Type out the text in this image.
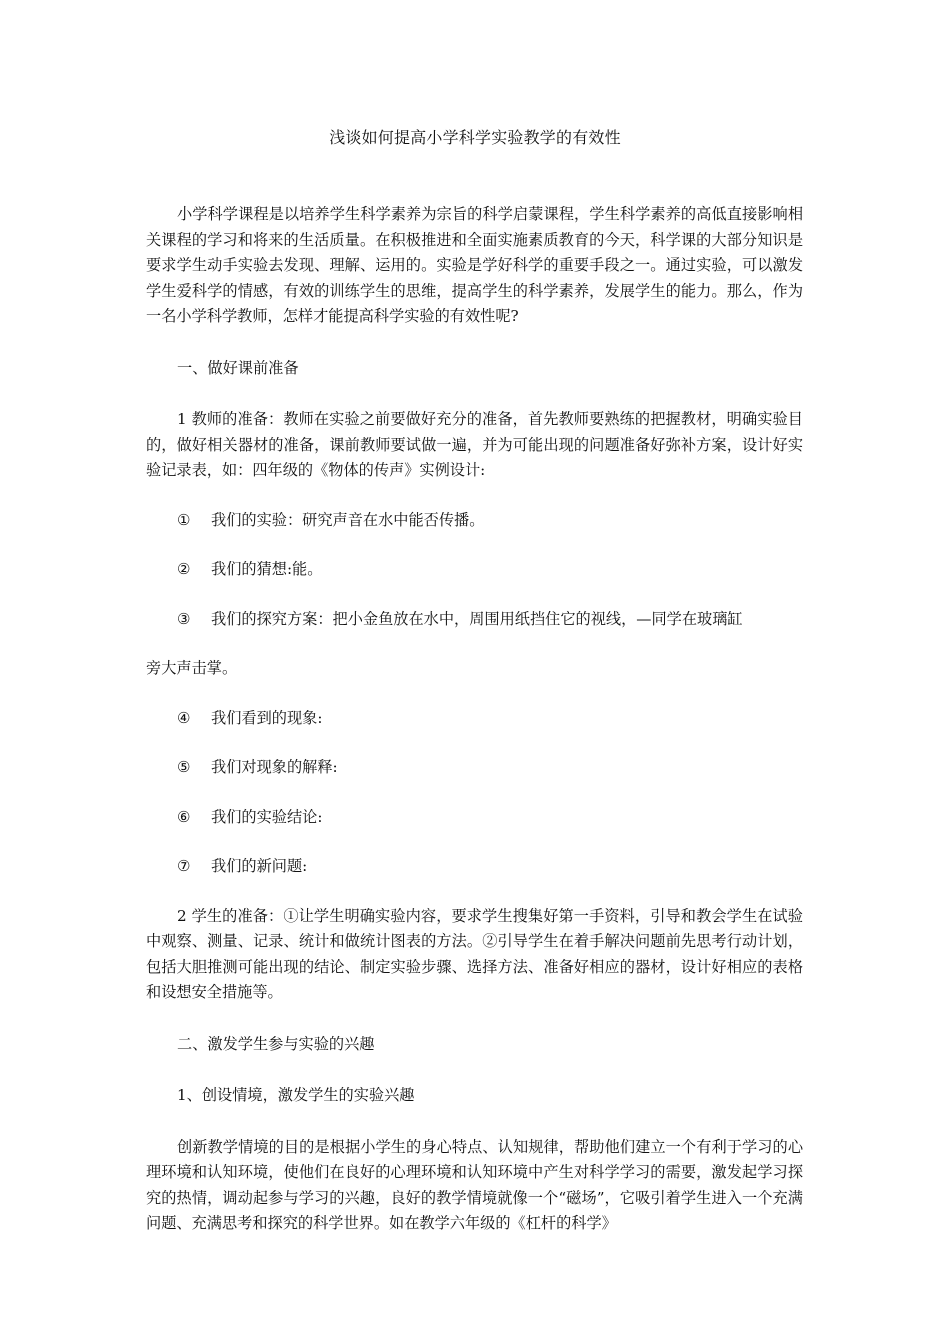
浅谈如何提高小学科学实验教学的有效性

小学科学课程是以培养学生科学素养为宗旨的科学启蒙课程，学生科学素养的高低直接影响相关课程的学习和将来的生活质量。在积极推进和全面实施素质教育的今天，科学课的大部分知识是要求学生动手实验去发现、理解、运用的。实验是学好科学的重要手段之一。通过实验，可以激发学生爱科学的情感，有效的训练学生的思维，提高学生的科学素养，发展学生的能力。那么，作为一名小学科学教师，怎样才能提高科学实验的有效性呢?

一、做好课前准备

1 教师的准备：教师在实验之前要做好充分的准备，首先教师要熟练的把握教材，明确实验目的，做好相关器材的准备，课前教师要试做一遍，并为可能出现的问题准备好弥补方案，设计好实验记录表，如：四年级的《物体的传声》实例设计:

①	我们的实验：研究声音在水中能否传播。

②	我们的猜想:能。

③	我们的探究方案：把小金鱼放在水中，周围用纸挡住它的视线，—同学在玻璃缸

旁大声击掌。

④	我们看到的现象:

⑤	我们对现象的解释:

⑥	我们的实验结论:

⑦	我们的新问题:

2 学生的准备：①让学生明确实验内容，要求学生搜集好第一手资料，引导和教会学生在试验中观察、测量、记录、统计和做统计图表的方法。②引导学生在着手解决问题前先思考行动计划，包括大胆推测可能出现的结论、制定实验步骤、选择方法、准备好相应的器材，设计好相应的表格和设想安全措施等。

二、激发学生参与实验的兴趣

1、创设情境，激发学生的实验兴趣

创新教学情境的目的是根据小学生的身心特点、认知规律，帮助他们建立一个有利于学习的心理环境和认知环境，使他们在良好的心理环境和认知环境中产生对科学学习的需要，激发起学习探究的热情，调动起参与学习的兴趣，良好的教学情境就像一个“磁场”，它吸引着学生进入一个充满问题、充满思考和探究的科学世界。如在教学六年级的《杠杆的科学》
